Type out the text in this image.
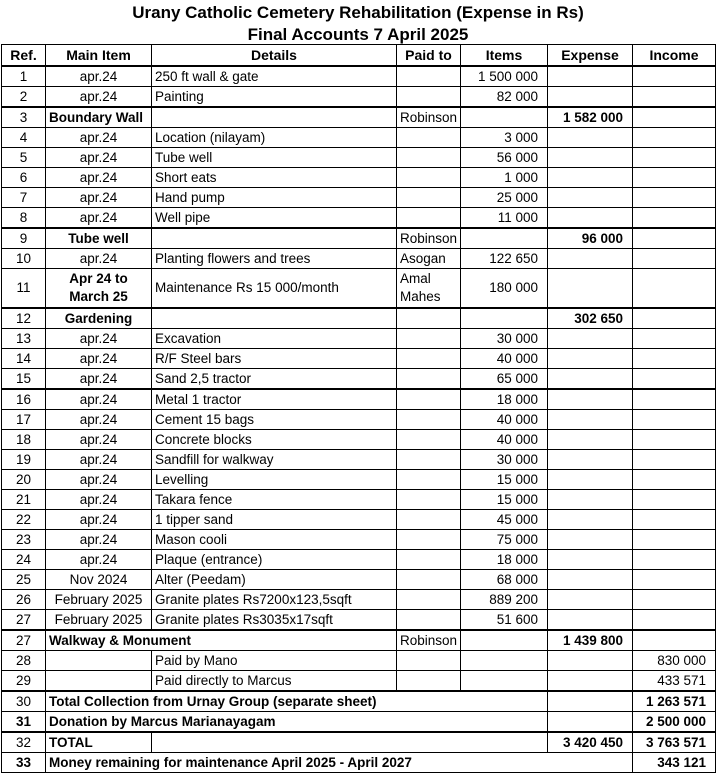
Urany Catholic Cemetery Rehabilitation (Expense in Rs)
Final Accounts 7 April 2025
Ref.	Main Item	Details	Paid to	Items	Expense	Income
1	apr.24	250 ft wall & gate		1 500 000		
2	apr.24	Painting		82 000		
3	Boundary Wall		Robinson		1 582 000	
4	apr.24	Location (nilayam)		3 000		
5	apr.24	Tube well		56 000		
6	apr.24	Short eats		1 000		
7	apr.24	Hand pump		25 000		
8	apr.24	Well pipe		11 000		
9	Tube well		Robinson		96 000	
10	apr.24	Planting flowers and trees	Asogan	122 650		
11	Apr 24 to March 25	Maintenance Rs 15 000/month	Amal Mahes	180 000		
12	Gardening				302 650	
13	apr.24	Excavation		30 000		
14	apr.24	R/F Steel bars		40 000		
15	apr.24	Sand 2,5 tractor		65 000		
16	apr.24	Metal 1 tractor		18 000		
17	apr.24	Cement 15 bags		40 000		
18	apr.24	Concrete blocks		40 000		
19	apr.24	Sandfill for walkway		30 000		
20	apr.24	Levelling		15 000		
21	apr.24	Takara fence		15 000		
22	apr.24	1 tipper sand		45 000		
23	apr.24	Mason cooli		75 000		
24	apr.24	Plaque (entrance)		18 000		
25	Nov 2024	Alter (Peedam)		68 000		
26	February 2025	Granite plates Rs7200x123,5sqft		889 200		
27	February 2025	Granite plates Rs3035x17sqft		51 600		
27	Walkway & Monument		Robinson		1 439 800	
28		Paid by Mano				830 000
29		Paid directly to Marcus				433 571
30	Total Collection from Urnay Group (separate sheet)					1 263 571
31	Donation by Marcus Marianayagam					2 500 000
32	TOTAL				3 420 450	3 763 571
33	Money remaining for maintenance April 2025 - April 2027					343 121
